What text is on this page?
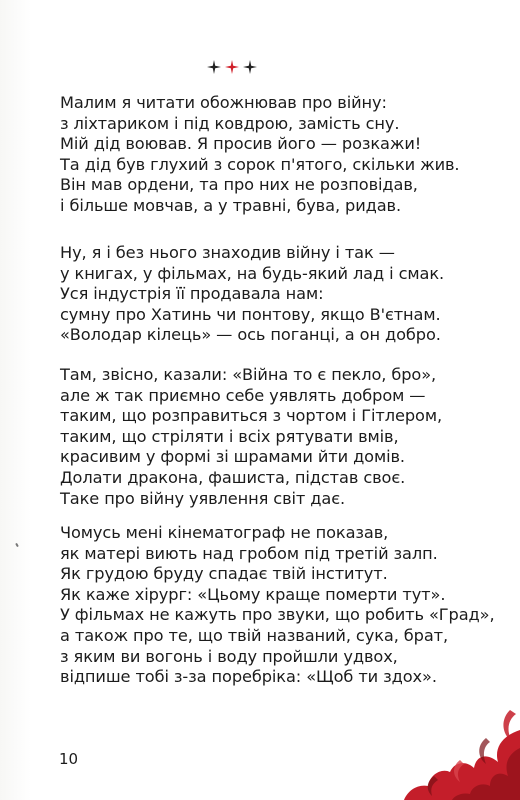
Малим я читати обожнював про війну:
з ліхтариком і під ковдрою, замість сну.
Мій дід воював. Я просив його — розкажи!
Та дід був глухий з сорок п'ятого, скільки жив.
Він мав ордени, та про них не розповідав,
і більше мовчав, а у травні, бува, ридав.
Ну, я і без нього знаходив війну і так —
у книгах, у фільмах, на будь-який лад і смак.
Уся індустрія її продавала нам:
сумну про Хатинь чи понтову, якщо В'єтнам.
«Володар кілець» — ось поганці, а он добро.
Там, звісно, казали: «Війна то є пекло, бро»,
але ж так приємно себе уявлять добром —
таким, що розправиться з чортом і Гітлером,
таким, що стріляти і всіх рятувати вмів,
красивим у формі зі шрамами йти домів.
Долати дракона, фашиста, підстав своє.
Таке про війну уявлення світ дає.
Чомусь мені кінематограф не показав,
як матері виють над гробом під третій залп.
Як грудою бруду спадає твій інститут.
Як каже хірург: «Цьому краще померти тут».
У фільмах не кажуть про звуки, що робить «Град»,
а також про те, що твій названий, сука, брат,
з яким ви вогонь і воду пройшли удвох,
відпише тобі з-за поребріка: «Щоб ти здох».
10
